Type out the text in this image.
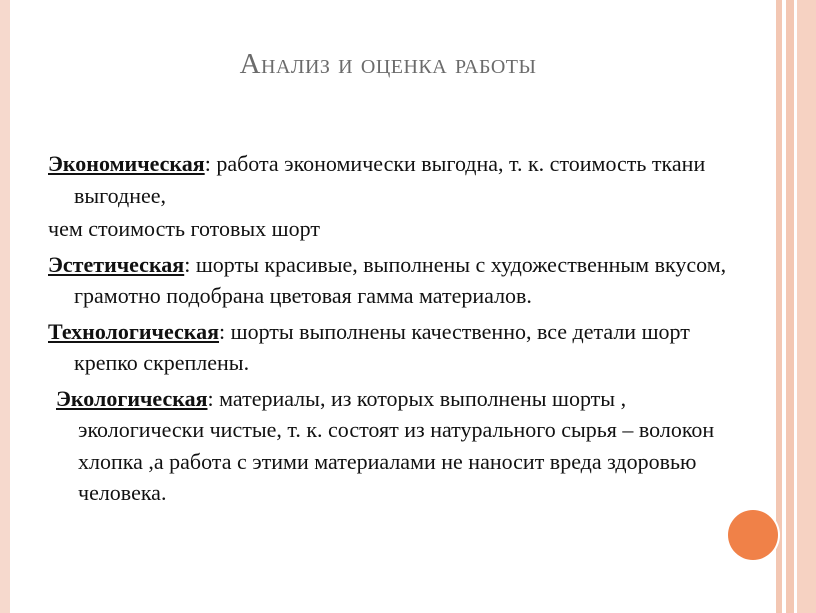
Анализ и оценка работы
Экономическая: работа экономически выгодна, т. к. стоимость ткани выгоднее,
чем стоимость готовых шорт
Эстетическая: шорты красивые, выполнены с художественным вкусом, грамотно подобрана цветовая гамма материалов.
Технологическая: шорты выполнены качественно, все детали шорт крепко скреплены.
Экологическая: материалы, из которых выполнены шорты , экологически чистые, т. к. состоят из натурального сырья – волокон хлопка ,а работа с этими материалами не наносит вреда здоровью человека.
